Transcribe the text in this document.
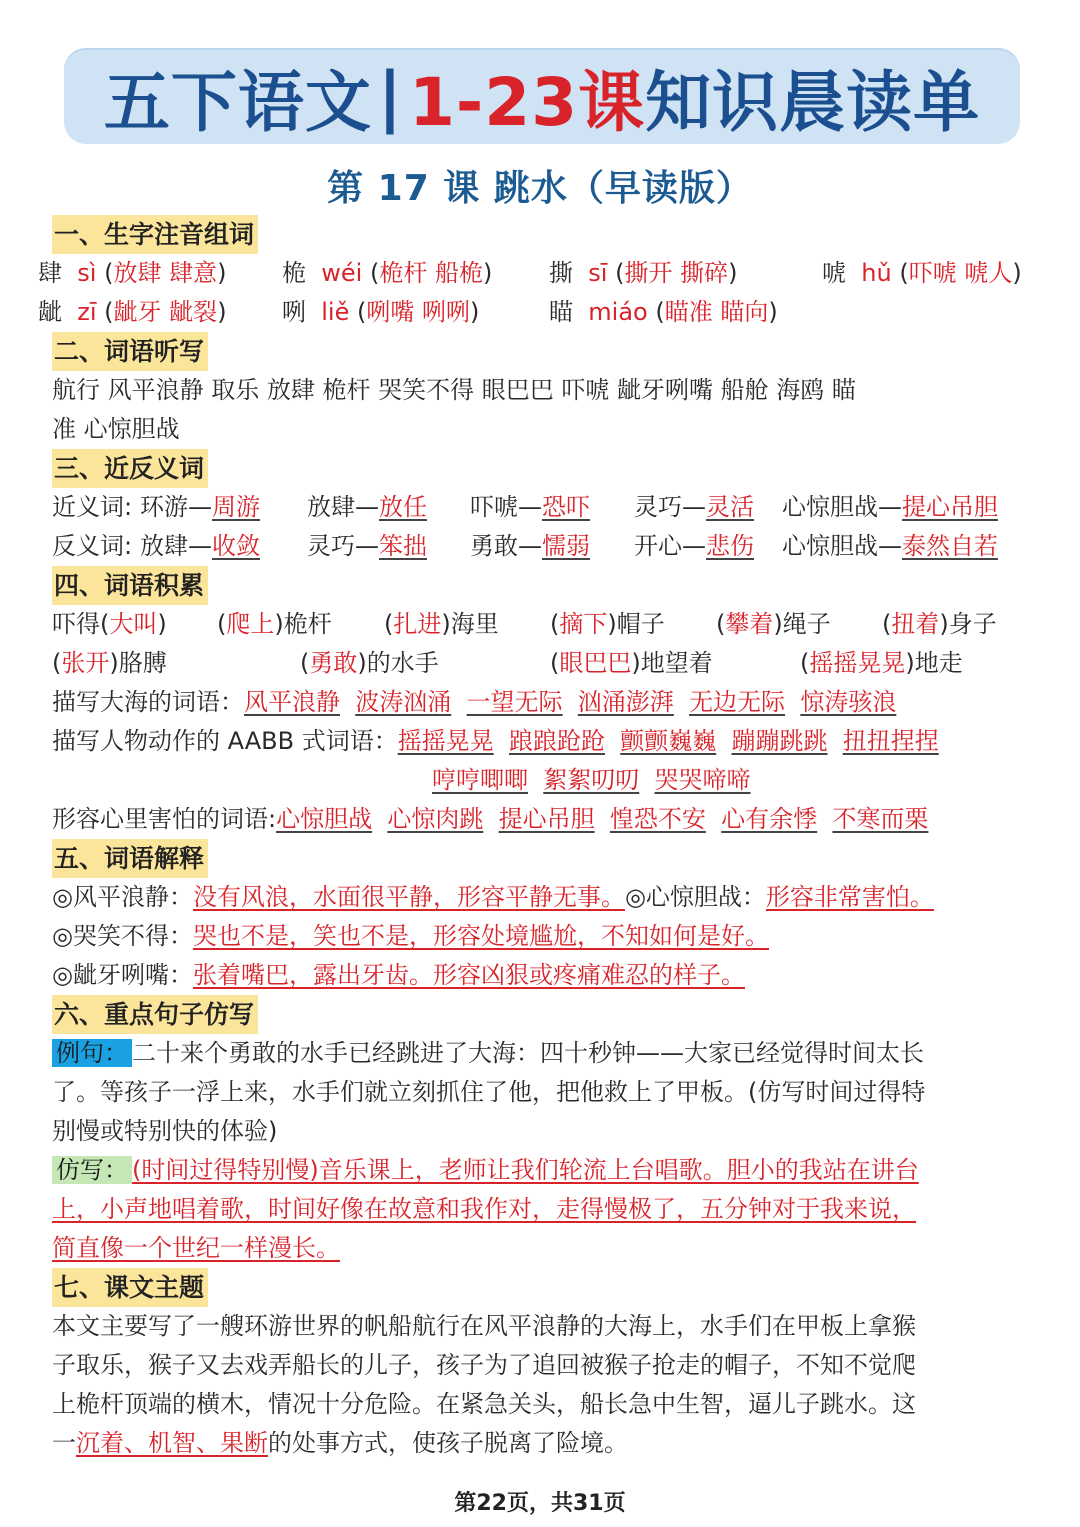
五下语文 | 1-23课 知识晨读单
第 17 课 跳水（早读版）
一、生字注音组词
肆 sì (放肆 肆意) 桅 wéi (桅杆 船桅) 撕 sī (撕开 撕碎)	唬 hǔ (吓唬 唬人)
龇 zī (龇牙 龇裂) 咧 liě (咧嘴 咧咧)	瞄 miáo (瞄准 瞄向)
二、词语听写
航行 风平浪静 取乐 放肆 桅杆 哭笑不得 眼巴巴 吓唬 龇牙咧嘴 船舱 海鸥 瞄
准 心惊胆战
三、近反义词
近义词: 环游—周游 放肆—放任 吓唬—恐吓 灵巧—灵活 心惊胆战—提心吊胆
反义词: 放肆—收敛 灵巧—笨拙 勇敢—懦弱 开心—悲伤 心惊胆战—泰然自若
四、词语积累
吓得(大叫) (爬上)桅杆 (扎进)海里 (摘下)帽子 (攀着)绳子 (扭着)身子
(张开)胳膊	(勇敢)的水手	(眼巴巴)地望着	(摇摇晃晃)地走
描写大海的词语：风平浪静 波涛汹涌 一望无际 汹涌澎湃 无边无际 惊涛骇浪
描写人物动作的 AABB 式词语：摇摇晃晃 踉踉跄跄 颤颤巍巍 蹦蹦跳跳 扭扭捏捏
哼哼唧唧 絮絮叨叨 哭哭啼啼
形容心里害怕的词语:心惊胆战 心惊肉跳 提心吊胆 惶恐不安 心有余悸 不寒而栗
五、词语解释
◎风平浪静：没有风浪，水面很平静，形容平静无事。◎心惊胆战：形容非常害怕。
◎哭笑不得：哭也不是，笑也不是，形容处境尴尬，不知如何是好。
◎龇牙咧嘴：张着嘴巴，露出牙齿。形容凶狠或疼痛难忍的样子。
六、重点句子仿写
例句： 二十来个勇敢的水手已经跳进了大海：四十秒钟——大家已经觉得时间太长
了。等孩子一浮上来，水手们就立刻抓住了他，把他救上了甲板。(仿写时间过得特
别慢或特别快的体验)
仿写： (时间过得特别慢)音乐课上，老师让我们轮流上台唱歌。胆小的我站在讲台
上，小声地唱着歌，时间好像在故意和我作对，走得慢极了，五分钟对于我来说，
简直像一个世纪一样漫长。
七、课文主题
本文主要写了一艘环游世界的帆船航行在风平浪静的大海上，水手们在甲板上拿猴
子取乐，猴子又去戏弄船长的儿子，孩子为了追回被猴子抢走的帽子，不知不觉爬
上桅杆顶端的横木，情况十分危险。在紧急关头，船长急中生智，逼儿子跳水。这
一沉着、机智、果断的处事方式，使孩子脱离了险境。
第22页，共31页
